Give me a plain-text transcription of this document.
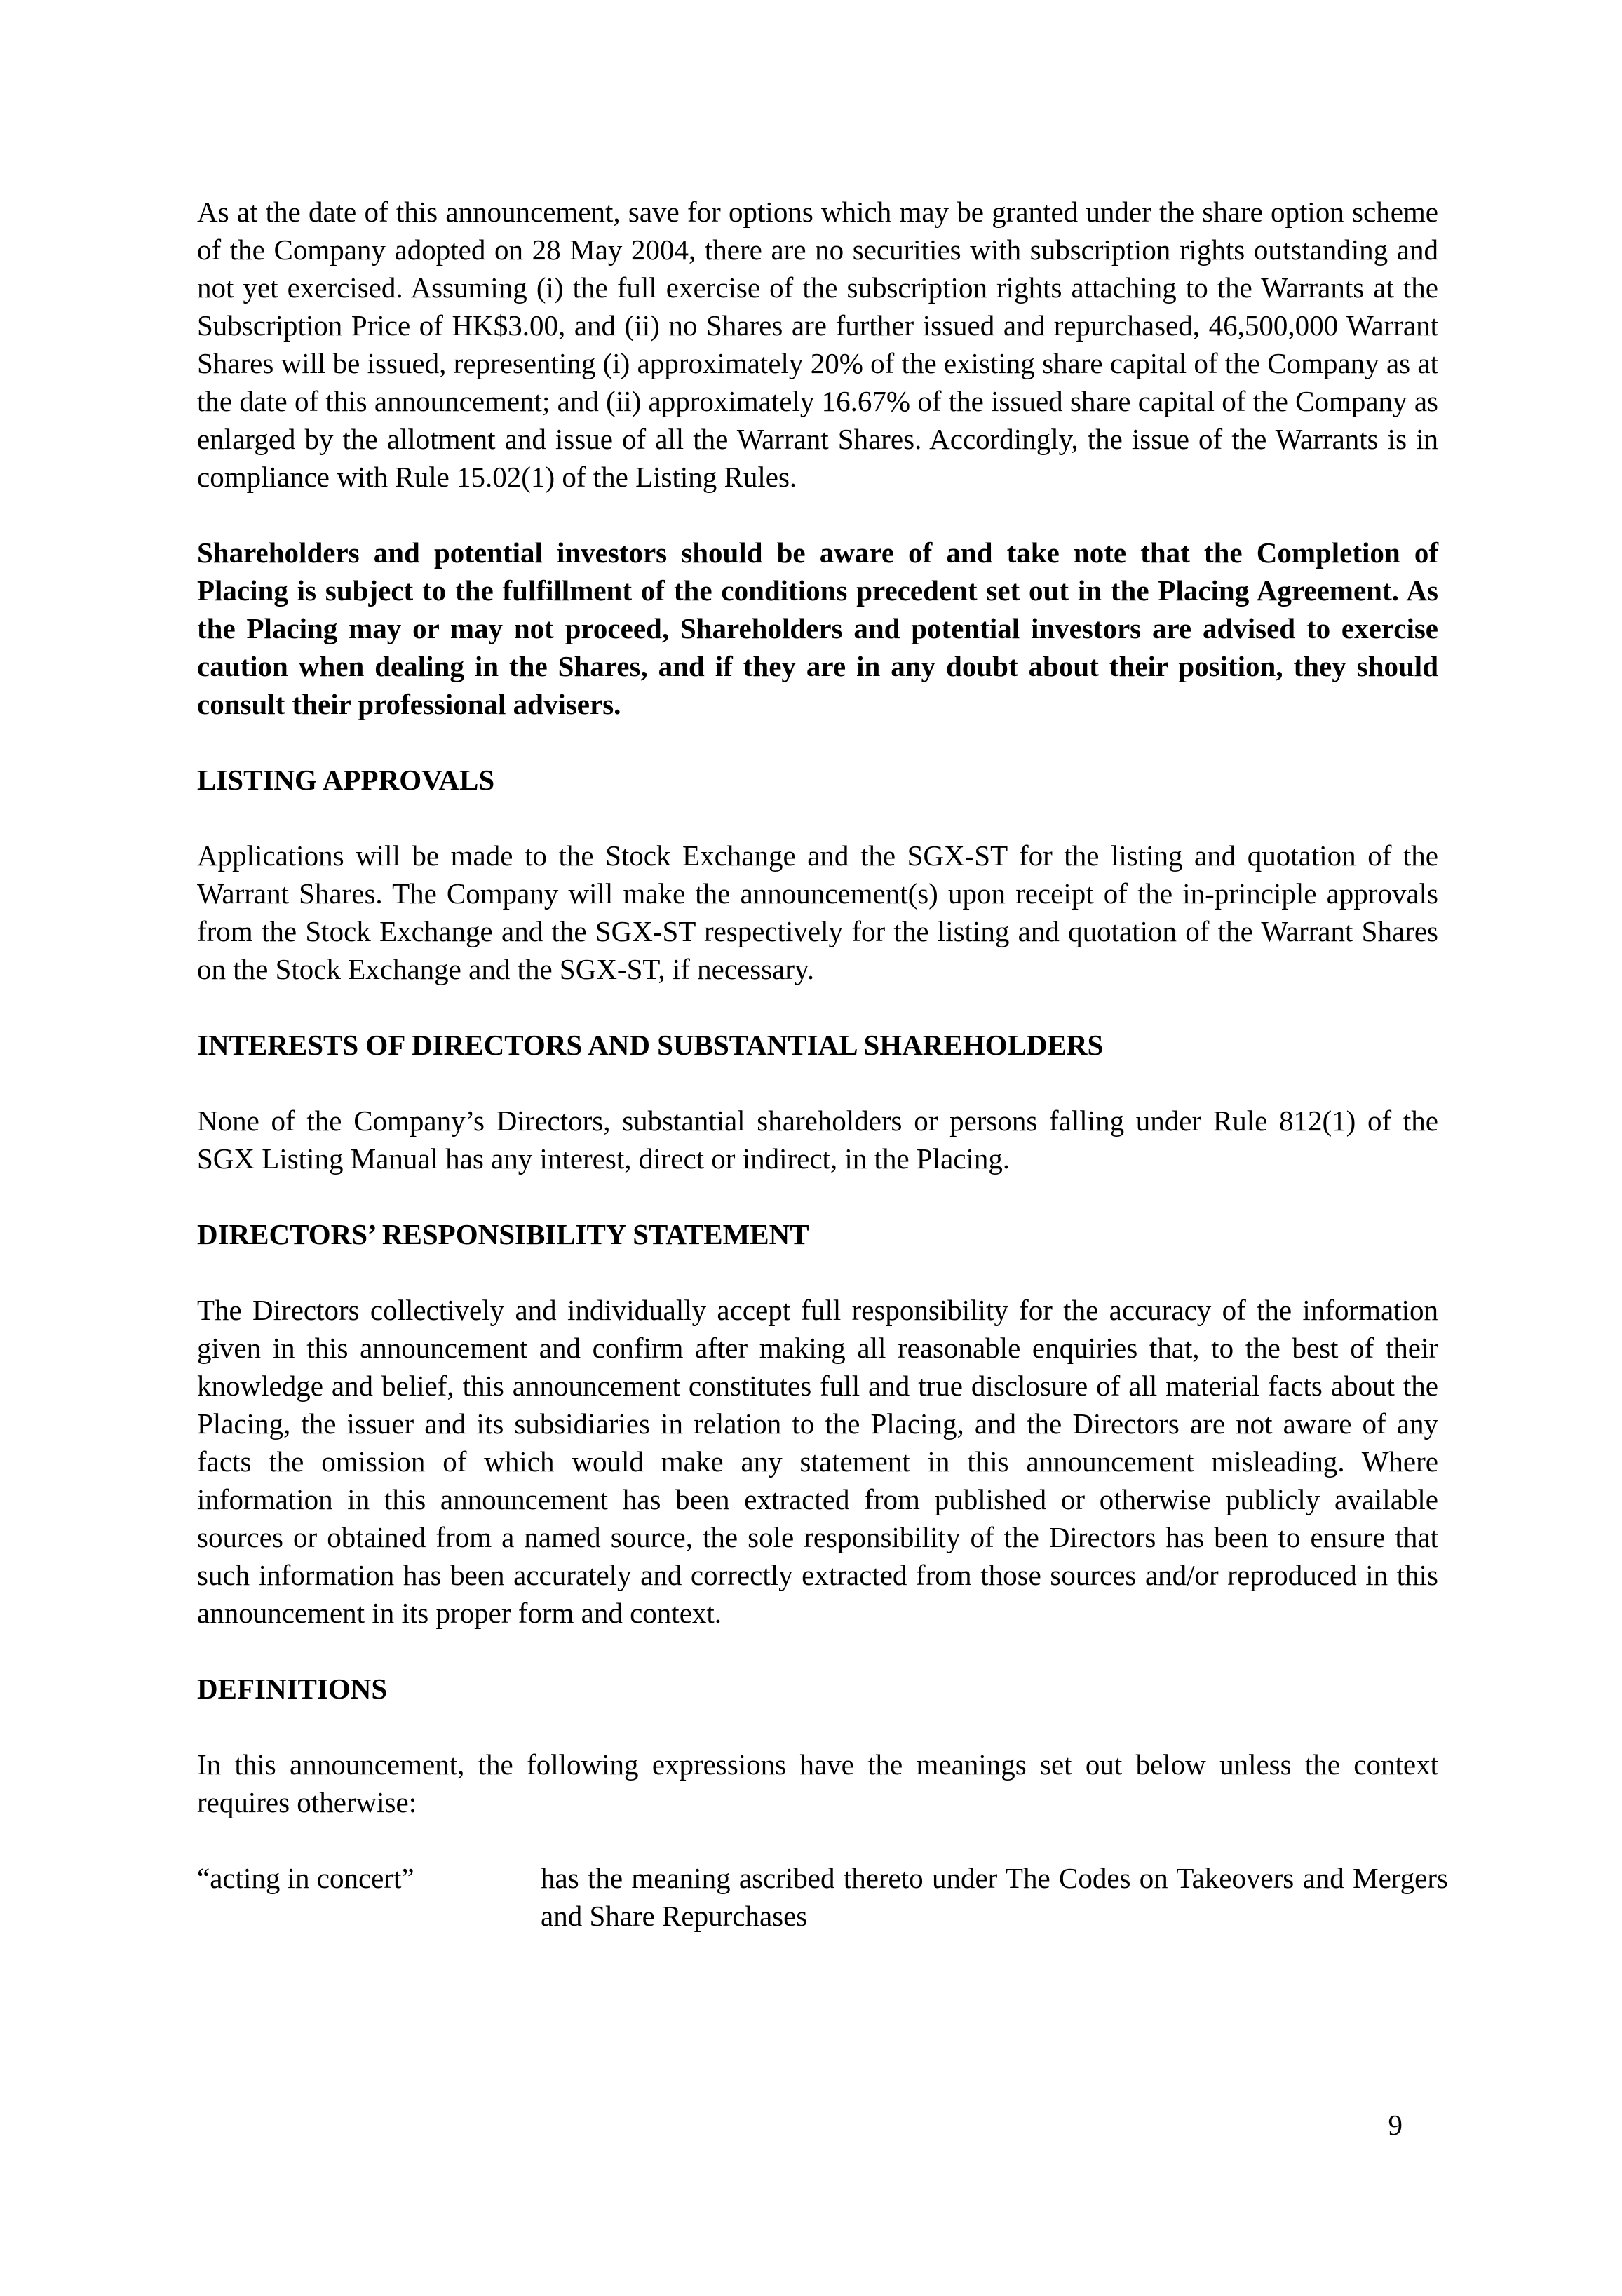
As at the date of this announcement, save for options which may be granted under the share option scheme of the Company adopted on 28 May 2004, there are no securities with subscription rights outstanding and not yet exercised. Assuming (i) the full exercise of the subscription rights attaching to the Warrants at the Subscription Price of HK$3.00, and (ii) no Shares are further issued and repurchased, 46,500,000 Warrant Shares will be issued, representing (i) approximately 20% of the existing share capital of the Company as at the date of this announcement; and (ii) approximately 16.67% of the issued share capital of the Company as enlarged by the allotment and issue of all the Warrant Shares. Accordingly, the issue of the Warrants is in compliance with Rule 15.02(1) of the Listing Rules.

Shareholders and potential investors should be aware of and take note that the Completion of Placing is subject to the fulfillment of the conditions precedent set out in the Placing Agreement. As the Placing may or may not proceed, Shareholders and potential investors are advised to exercise caution when dealing in the Shares, and if they are in any doubt about their position, they should consult their professional advisers.

LISTING APPROVALS

Applications will be made to the Stock Exchange and the SGX-ST for the listing and quotation of the Warrant Shares. The Company will make the announcement(s) upon receipt of the in-principle approvals from the Stock Exchange and the SGX-ST respectively for the listing and quotation of the Warrant Shares on the Stock Exchange and the SGX-ST, if necessary.

INTERESTS OF DIRECTORS AND SUBSTANTIAL SHAREHOLDERS

None of the Company’s Directors, substantial shareholders or persons falling under Rule 812(1) of the SGX Listing Manual has any interest, direct or indirect, in the Placing.

DIRECTORS’ RESPONSIBILITY STATEMENT

The Directors collectively and individually accept full responsibility for the accuracy of the information given in this announcement and confirm after making all reasonable enquiries that, to the best of their knowledge and belief, this announcement constitutes full and true disclosure of all material facts about the Placing, the issuer and its subsidiaries in relation to the Placing, and the Directors are not aware of any facts the omission of which would make any statement in this announcement misleading. Where information in this announcement has been extracted from published or otherwise publicly available sources or obtained from a named source, the sole responsibility of the Directors has been to ensure that such information has been accurately and correctly extracted from those sources and/or reproduced in this announcement in its proper form and context.

DEFINITIONS

In this announcement, the following expressions have the meanings set out below unless the context requires otherwise:

“acting in concert”	has the meaning ascribed thereto under The Codes on Takeovers and Mergers and Share Repurchases
9
